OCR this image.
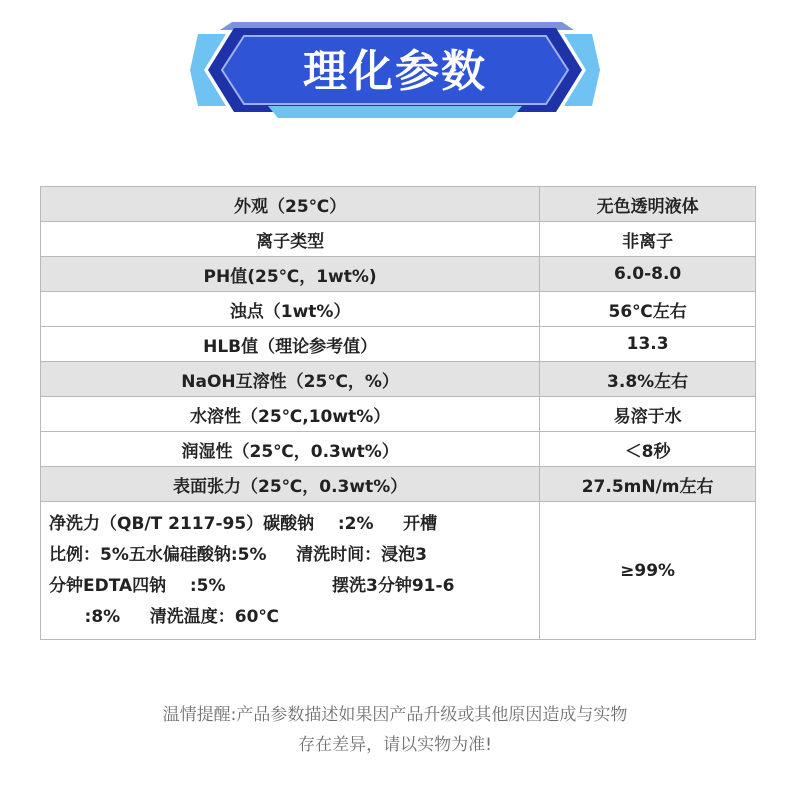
理化参数
外观（25℃）	无色透明液体
离子类型	非离子
PH值(25℃，1wt%)	6.0-8.0
浊点（1wt%）	56℃左右
HLB值（理论参考值）	13.3
NaOH互溶性（25℃，%）	3.8%左右
水溶性（25℃,10wt%）	易溶于水
润湿性（25℃，0.3wt%）	＜8秒
表面张力（25℃，0.3wt%）	27.5mN/m左右
净洗力（QB/T 2117-95）碳酸钠    :2%     开槽
比例：5%五水偏硅酸钠:5%     清洗时间：浸泡3
分钟EDTA四钠    :5%                  摆洗3分钟91-6
:8%     清洗温度：60℃	≥99%
温情提醒:产品参数描述如果因产品升级或其他原因造成与实物
存在差异，请以实物为准!
